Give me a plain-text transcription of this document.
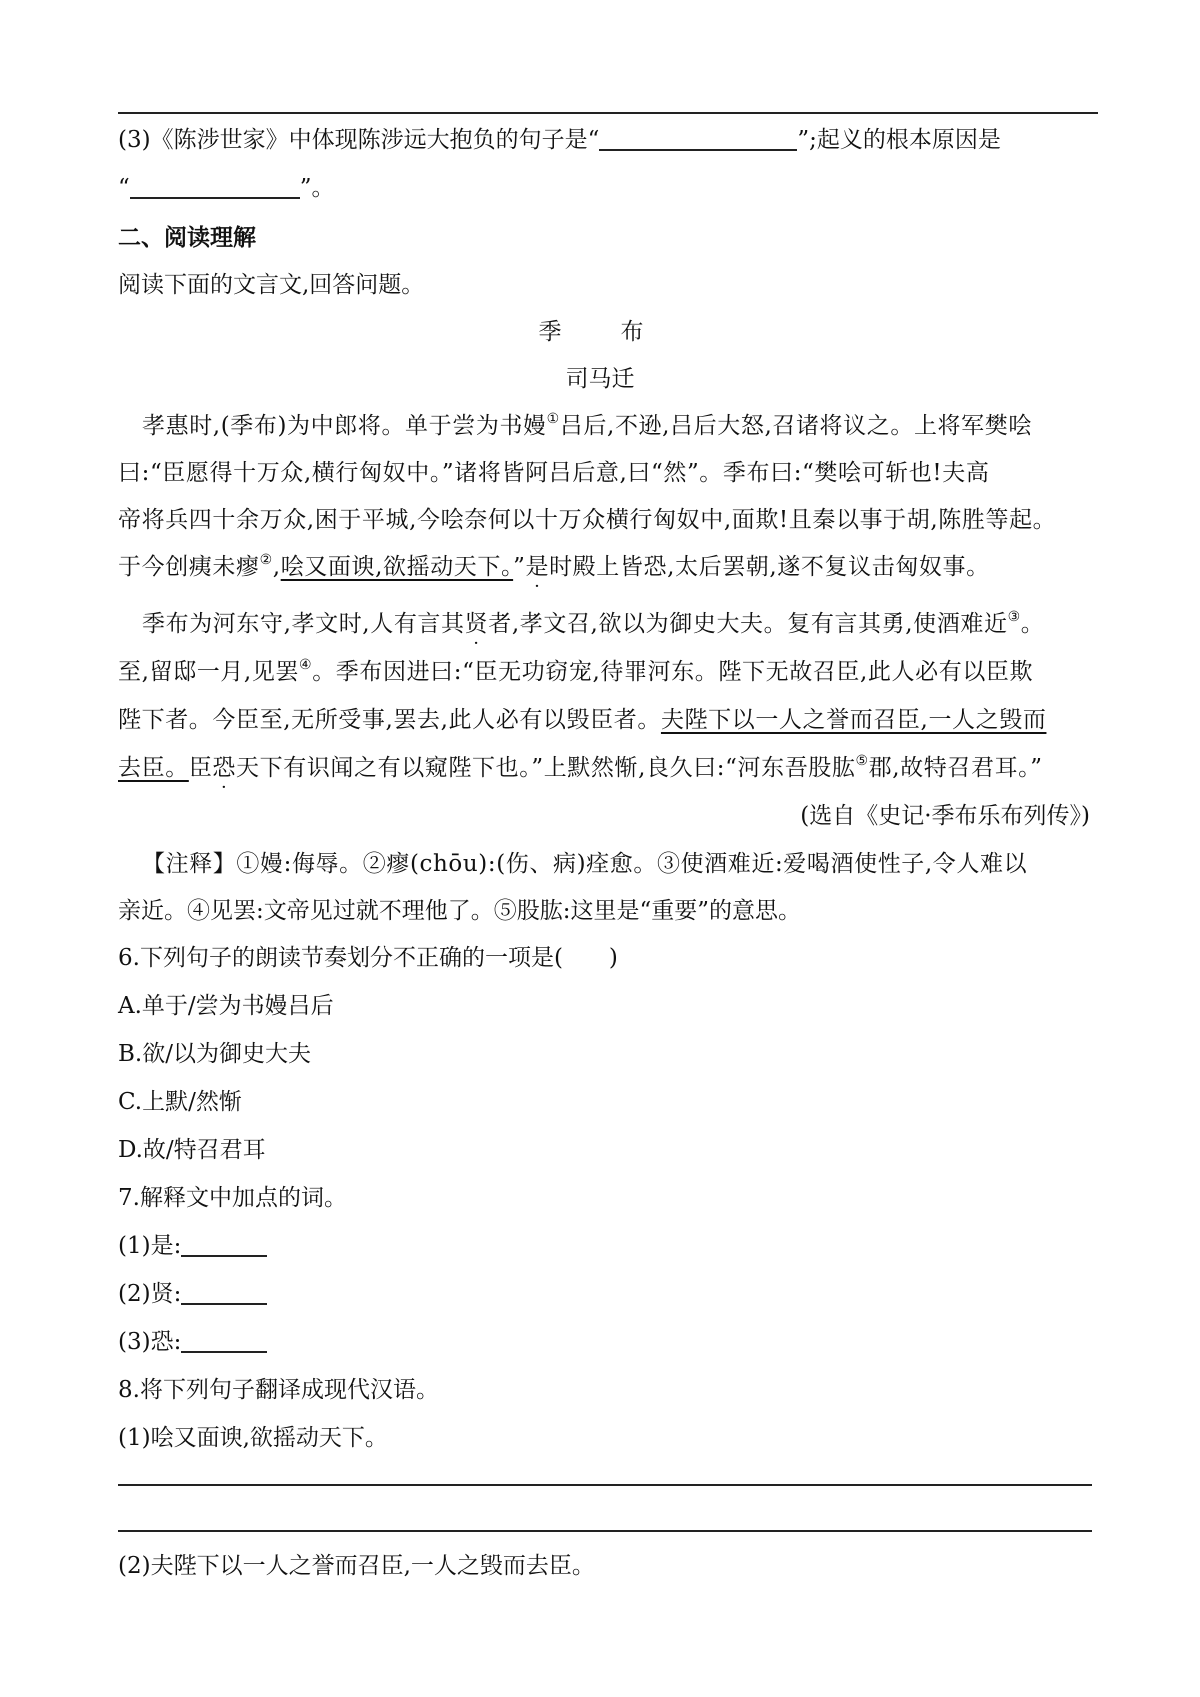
(3)《陈涉世家》中体现陈涉远大抱负的句子是“	”;起义的根本原因是
“	”。
二、阅读理解
阅读下面的文言文,回答问题。
季　布
司马迁
孝惠时,(季布)为中郎将。单于尝为书嫚①吕后,不逊,吕后大怒,召诸将议之。上将军樊哙
曰:“臣愿得十万众,横行匈奴中。”诸将皆阿吕后意,曰“然”。季布曰:“樊哙可斩也!夫高
帝将兵四十余万众,困于平城,今哙奈何以十万众横行匈奴中,面欺!且秦以事于胡,陈胜等起。
于今创痍未瘳②,哙又面谀,欲摇动天下。”是时殿上皆恐,太后罢朝,遂不复议击匈奴事。
季布为河东守,孝文时,人有言其贤者,孝文召,欲以为御史大夫。复有言其勇,使酒难近③。
至,留邸一月,见罢④。季布因进曰:“臣无功窃宠,待罪河东。陛下无故召臣,此人必有以臣欺
陛下者。今臣至,无所受事,罢去,此人必有以毁臣者。夫陛下以一人之誉而召臣,一人之毁而
去臣。臣恐天下有识闻之有以窥陛下也。”上默然惭,良久曰:“河东吾股肱⑤郡,故特召君耳。”
(选自《史记·季布乐布列传》)
【注释】①嫚:侮辱。②瘳(chōu):(伤、病)痊愈。③使酒难近:爱喝酒使性子,令人难以
亲近。④见罢:文帝见过就不理他了。⑤股肱:这里是“重要”的意思。
6.下列句子的朗读节奏划分不正确的一项是(　　)
A.单于/尝为书嫚吕后
B.欲/以为御史大夫
C.上默/然惭
D.故/特召君耳
7.解释文中加点的词。
(1)是:
(2)贤:
(3)恐:
8.将下列句子翻译成现代汉语。
(1)哙又面谀,欲摇动天下。
(2)夫陛下以一人之誉而召臣,一人之毁而去臣。
